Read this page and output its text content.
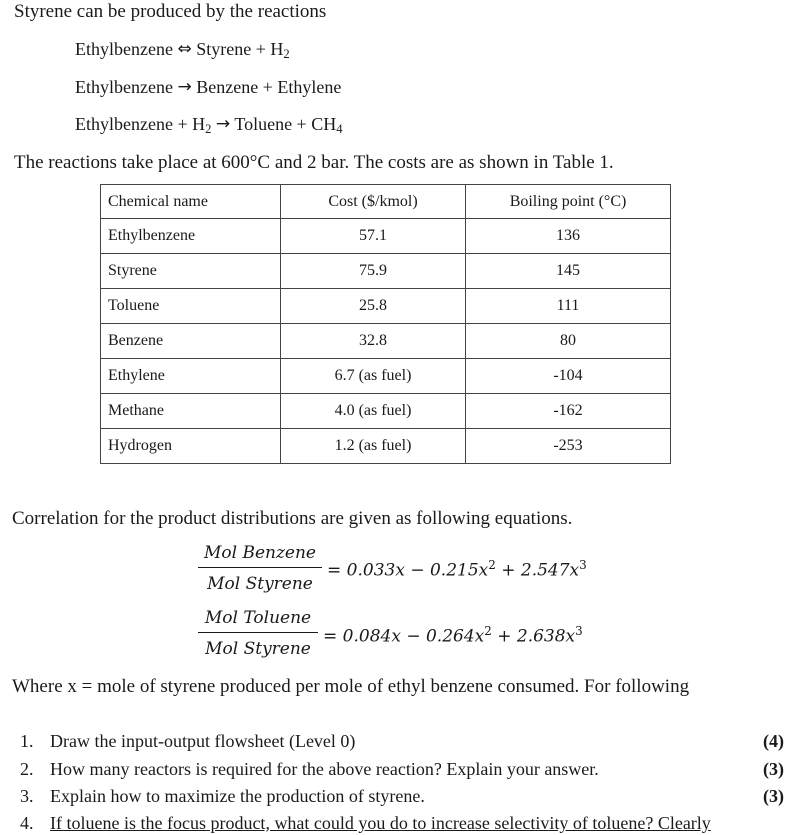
Styrene can be produced by the reactions
Ethylbenzene ⇔ Styrene + H2
Ethylbenzene → Benzene + Ethylene
Ethylbenzene + H2 → Toluene + CH4
The reactions take place at 600°C and 2 bar. The costs are as shown in Table 1.
Chemical name	Cost ($/kmol)	Boiling point (°C)
Ethylbenzene	57.1	136
Styrene	75.9	145
Toluene	25.8	111
Benzene	32.8	80
Ethylene	6.7 (as fuel)	-104
Methane	4.0 (as fuel)	-162
Hydrogen	1.2 (as fuel)	-253
Correlation for the product distributions are given as following equations.
Mol Benzene
Mol Styrene
= $0.033x - 0.215x^2 + 2.547x^3$
Mol Toluene
Mol Styrene
= $0.084x - 0.264x^2 + 2.638x^3$
Where x = mole of styrene produced per mole of ethyl benzene consumed. For following
1. Draw the input-output flowsheet (Level 0)	(4)
2. How many reactors is required for the above reaction? Explain your answer.	(3)
3. Explain how to maximize the production of styrene.	(3)
4. If toluene is the focus product, what could you do to increase selectivity of toluene? Clearly
